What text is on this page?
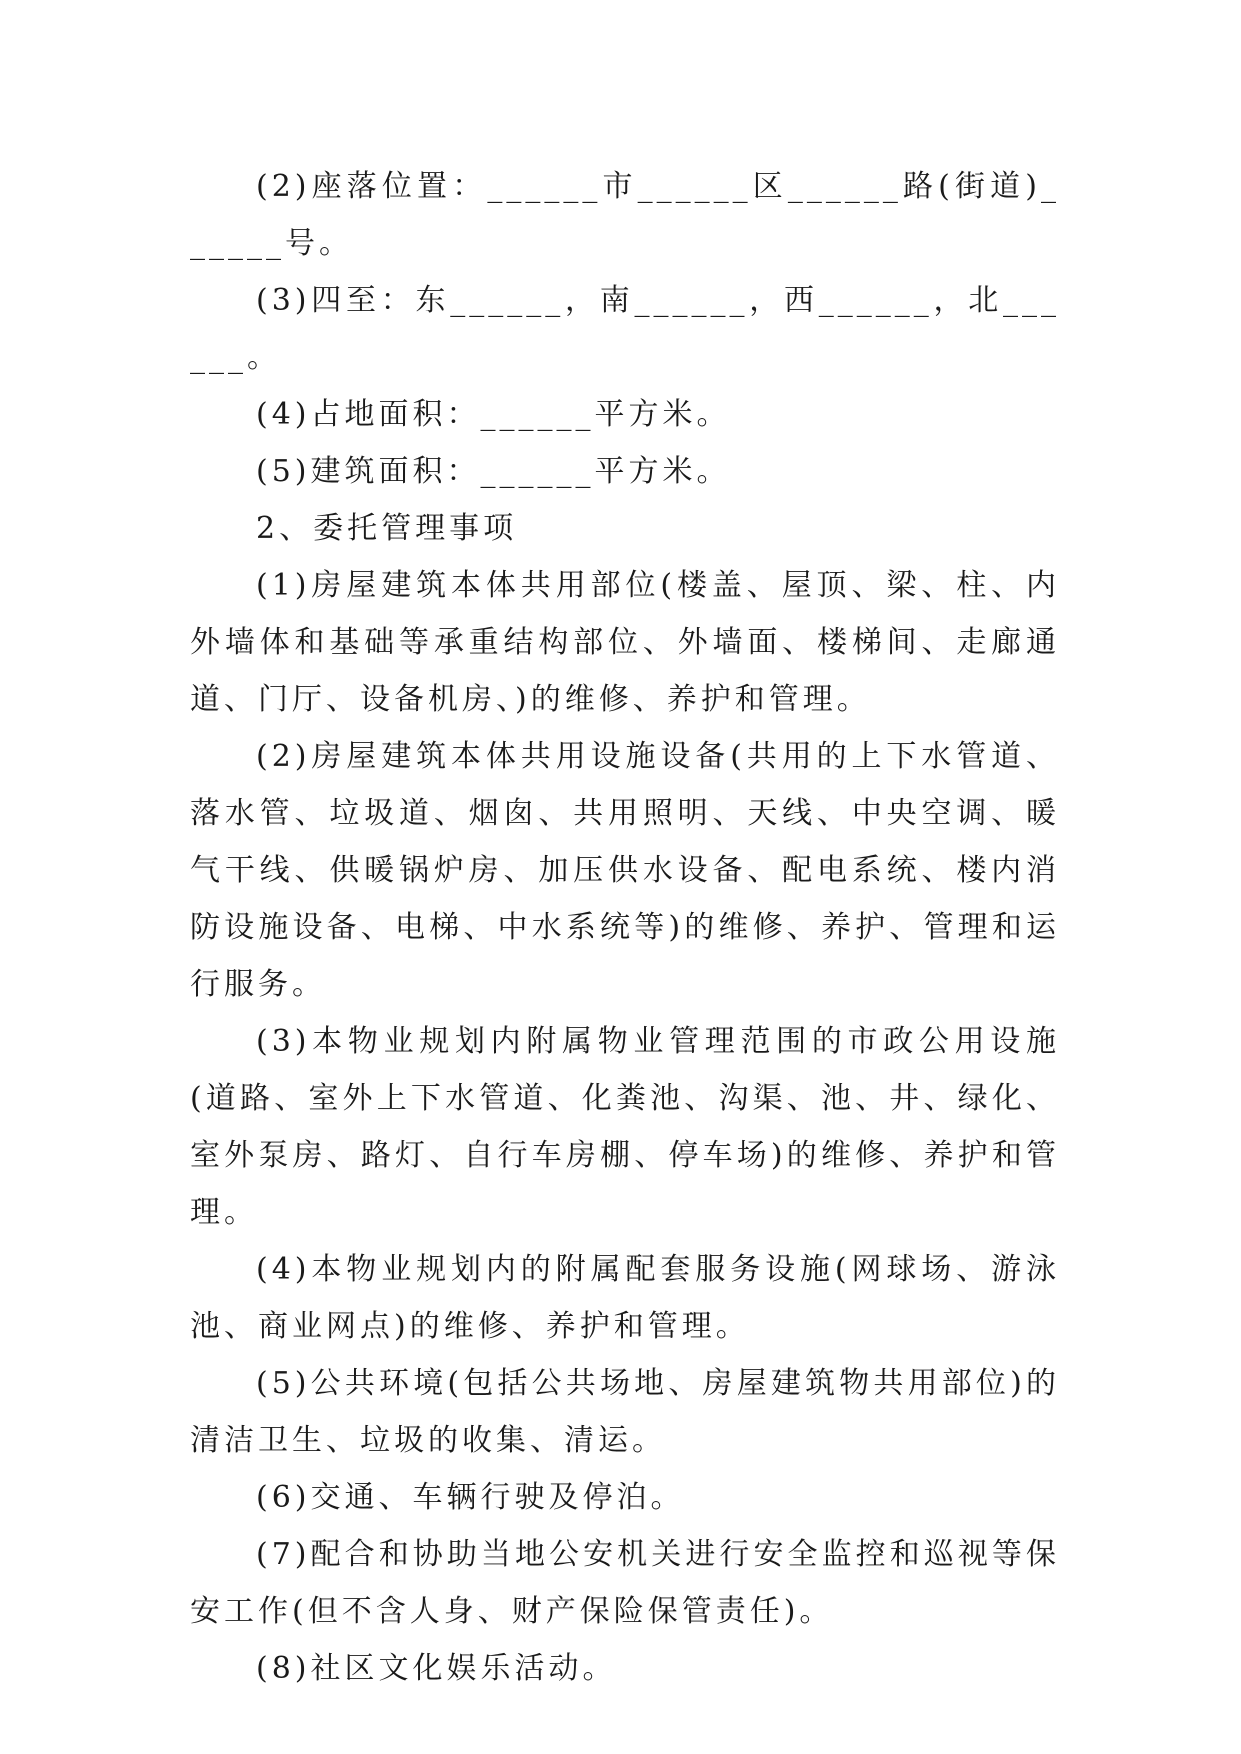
(2)座落位置：______市______区______路(街道)______号。

(3)四至：东______，南______，西______，北______。

(4)占地面积：______平方米。

(5)建筑面积：______平方米。

2、委托管理事项

(1)房屋建筑本体共用部位(楼盖、屋顶、梁、柱、内外墙体和基础等承重结构部位、外墙面、楼梯间、走廊通道、门厅、设备机房、)的维修、养护和管理。

(2)房屋建筑本体共用设施设备(共用的上下水管道、落水管、垃圾道、烟囱、共用照明、天线、中央空调、暖气干线、供暖锅炉房、加压供水设备、配电系统、楼内消防设施设备、电梯、中水系统等)的维修、养护、管理和运行服务。

(3)本物业规划内附属物业管理范围的市政公用设施(道路、室外上下水管道、化粪池、沟渠、池、井、绿化、室外泵房、路灯、自行车房棚、停车场)的维修、养护和管理。

(4)本物业规划内的附属配套服务设施(网球场、游泳池、商业网点)的维修、养护和管理。

(5)公共环境(包括公共场地、房屋建筑物共用部位)的清洁卫生、垃圾的收集、清运。

(6)交通、车辆行驶及停泊。

(7)配合和协助当地公安机关进行安全监控和巡视等保安工作(但不含人身、财产保险保管责任)。

(8)社区文化娱乐活动。
